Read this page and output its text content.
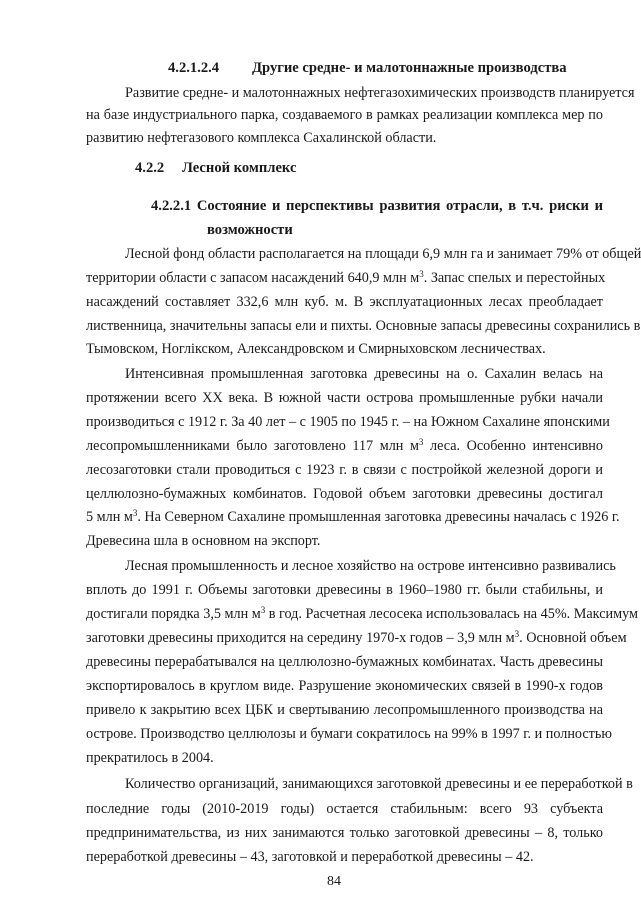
4.2.1.2.4 Другие средне- и малотоннажные производства

Развитие средне- и малотоннажных нефтегазохимических производств планируется

на базе индустриального парка, создаваемого в рамках реализации комплекса мер по

развитию нефтегазового комплекса Сахалинской области.

4.2.2 Лесной комплекс
4.2.2.1 Состояние и перспективы развития отрасли, в т.ч. риски и
возможности

Лесной фонд области располагается на площади 6,9 млн га и занимает 79% от общей

территории области с запасом насаждений 640,9 млн $м^3$. Запас спелых и перестойных

насаждений составляет 332,6 млн куб. м. В эксплуатационных лесах преобладает

лиственница, значительны запасы ели и пихты. Основные запасы древесины сохранились в

Тымовском, Ноглікском, Александровском и Смирныховском лесничествах.

Интенсивная промышленная заготовка древесины на о. Сахалин велась на

протяжении всего XX века. В южной части острова промышленные рубки начали

производиться с 1912 г. За 40 лет – с 1905 по 1945 г. – на Южном Сахалине японскими

лесопромышленниками было заготовлено 117 млн $м^3$ леса. Особенно интенсивно

лесозаготовки стали проводиться с 1923 г. в связи с постройкой железной дороги и

целлюлозно-бумажных комбинатов. Годовой объем заготовки древесины достигал

5 млн $м^3$. На Северном Сахалине промышленная заготовка древесины началась с 1926 г.

Древесина шла в основном на экспорт.

Лесная промышленность и лесное хозяйство на острове интенсивно развивались

вплоть до 1991 г. Объемы заготовки древесины в 1960–1980 гг. были стабильны, и

достигали порядка 3,5 млн $м^3$ в год. Расчетная лесосека использовалась на 45%. Максимум

заготовки древесины приходится на середину 1970-х годов – 3,9 млн $м^3$. Основной объем

древесины перерабатывался на целлюлозно-бумажных комбинатах. Часть древесины

экспортировалось в круглом виде. Разрушение экономических связей в 1990-х годов

привело к закрытию всех ЦБК и свертыванию лесопромышленного производства на

острове. Производство целлюлозы и бумаги сократилось на 99% в 1997 г. и полностью

прекратилось в 2004.

Количество организаций, занимающихся заготовкой древесины и ее переработкой в

последние годы (2010-2019 годы) остается стабильным: всего 93 субъекта

предпринимательства, из них занимаются только заготовкой древесины – 8, только

переработкой древесины – 43, заготовкой и переработкой древесины – 42.

84
